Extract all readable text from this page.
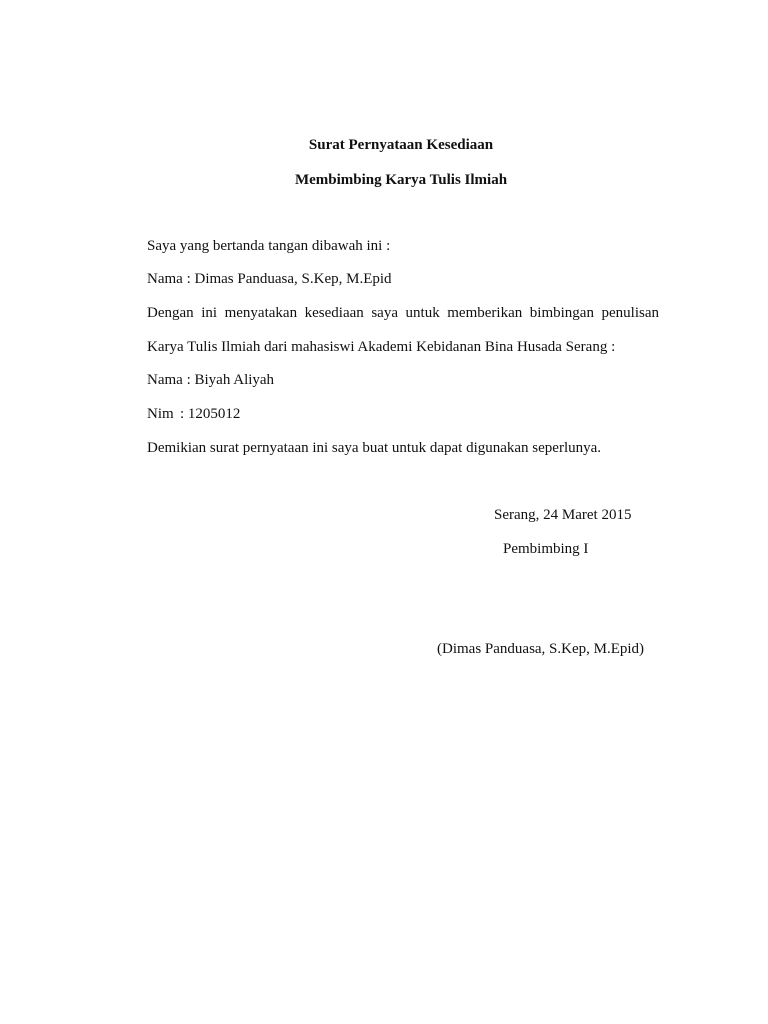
Surat Pernyataan Kesediaan
Membimbing Karya Tulis Ilmiah
Saya yang bertanda tangan dibawah ini :
Nama : Dimas Panduasa, S.Kep, M.Epid
Dengan ini menyatakan kesediaan saya untuk memberikan bimbingan penulisan
Karya Tulis Ilmiah dari mahasiswi Akademi Kebidanan Bina Husada Serang :
Nama : Biyah Aliyah
Nim : 1205012
Demikian surat pernyataan ini saya buat untuk dapat digunakan seperlunya.
Serang, 24 Maret 2015
Pembimbing I
(Dimas Panduasa, S.Kep, M.Epid)
